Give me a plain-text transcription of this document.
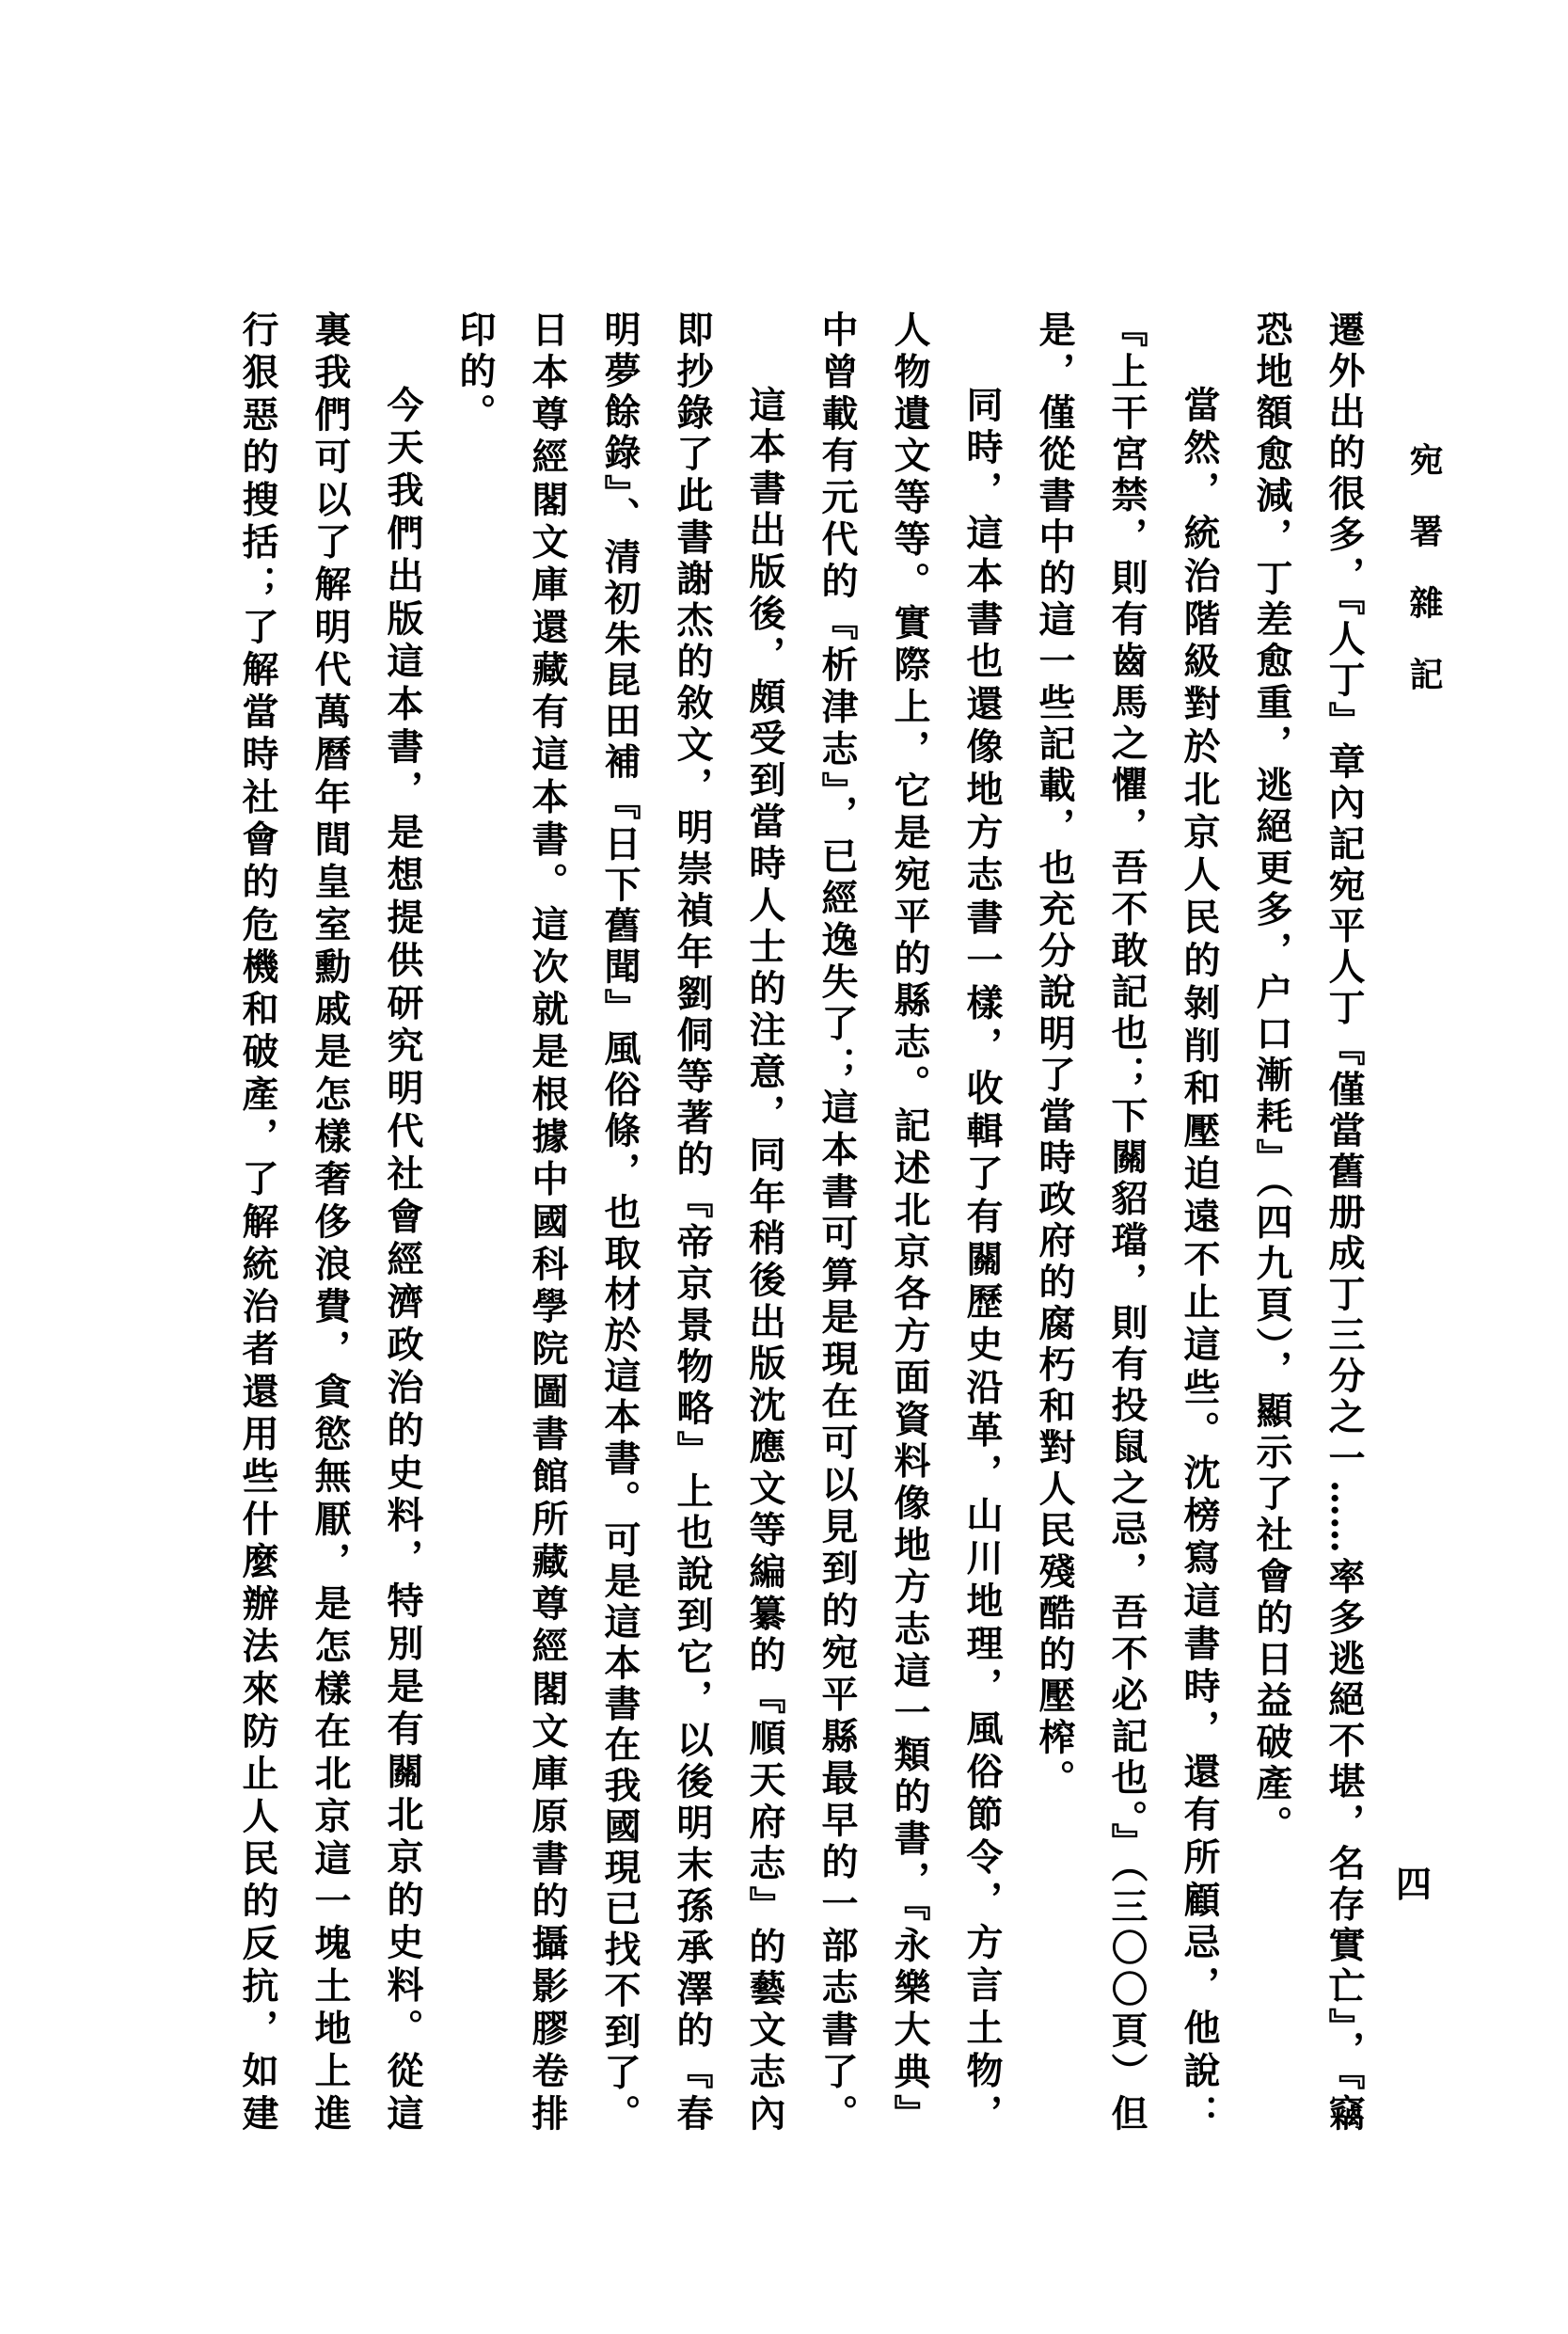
宛署雜記
四
遷外出的很多，『人丁』章內記宛平人丁『僅當舊册成丁三分之一……率多逃絕不堪，名存實亡』，『竊
恐地額愈減，丁差愈重，逃絕更多，户口漸耗』（四九頁），顯示了社會的日益破產。
當然，統治階級對於北京人民的剝削和壓迫遠不止這些。沈榜寫這書時，還有所顧忌，他說：
『上干宮禁，則有齒馬之懼，吾不敢記也；下關貂璫，則有投鼠之忌，吾不必記也。』（三〇〇頁）但
是，僅從書中的這一些記載，也充分說明了當時政府的腐朽和對人民殘酷的壓榨。
同時，這本書也還像地方志書一樣，收輯了有關歷史沿革，山川地理，風俗節令，方言土物，
人物遺文等等。實際上，它是宛平的縣志。記述北京各方面資料像地方志這一類的書，『永樂大典』
中曾載有元代的『析津志』，已經逸失了；這本書可算是現在可以見到的宛平縣最早的一部志書了。
這本書出版後，頗受到當時人士的注意，同年稍後出版沈應文等編纂的『順天府志』的藝文志內
即抄錄了此書謝杰的敘文，明崇禎年劉侗等著的『帝京景物略』上也說到它，以後明末孫承澤的『春
明夢餘錄』、清初朱昆田補『日下舊聞』風俗條，也取材於這本書。可是這本書在我國現已找不到了。
日本尊經閣文庫還藏有這本書。這次就是根據中國科學院圖書館所藏尊經閣文庫原書的攝影膠卷排
印的。
今天我們出版這本書，是想提供研究明代社會經濟政治的史料，特別是有關北京的史料。從這
裏我們可以了解明代萬曆年間皇室勳戚是怎樣奢侈浪費，貪慾無厭，是怎樣在北京這一塊土地上進
行狠惡的搜括；了解當時社會的危機和破產，了解統治者還用些什麼辦法來防止人民的反抗，如建
